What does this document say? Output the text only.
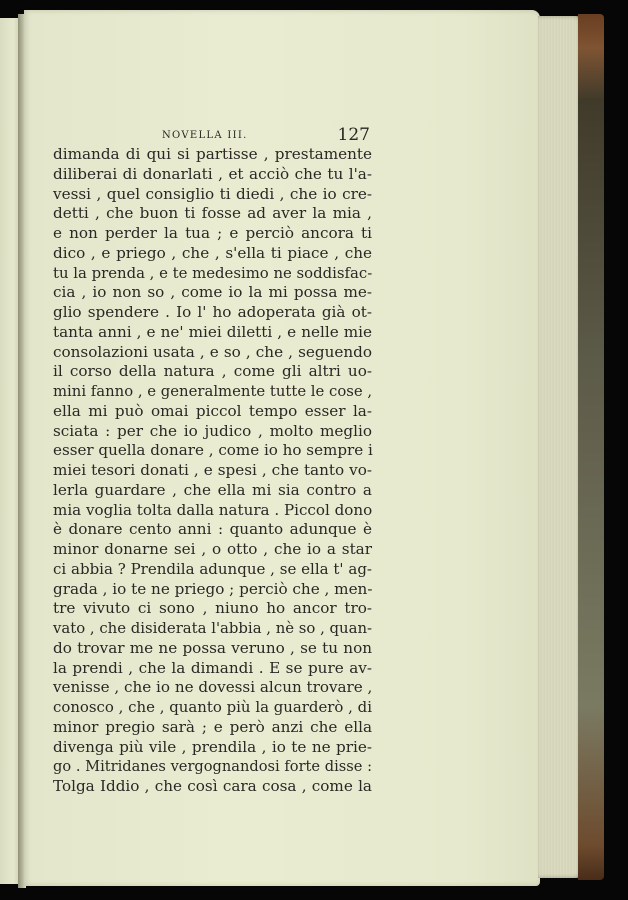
NOVELLA III.	127
dimanda di qui si partisse , prestamente
diliberai di donarlati , et acciò che tu l'a-
vessi , quel consiglio ti diedi , che io cre-
detti , che buon ti fosse ad aver la mia ,
e non perder la tua ; e perciò ancora ti
dico , e priego , che , s'ella ti piace , che
tu la prenda , e te medesimo ne soddisfac-
cia , io non so , come io la mi possa me-
glio spendere . Io l' ho adoperata già ot-
tanta anni , e ne' miei diletti , e nelle mie
consolazioni usata , e so , che , seguendo
il corso della natura , come gli altri uo-
mini fanno , e generalmente tutte le cose ,
ella mi può omai piccol tempo esser la-
sciata : per che io judico , molto meglio
esser quella donare , come io ho sempre i
miei tesori donati , e spesi , che tanto vo-
lerla guardare , che ella mi sia contro a
mia voglia tolta dalla natura . Piccol dono
è donare cento anni : quanto adunque è
minor donarne sei , o otto , che io a star
ci abbia ? Prendila adunque , se ella t' ag-
grada , io te ne priego ; perciò che , men-
tre vivuto ci sono , niuno ho ancor tro-
vato , che disiderata l'abbia , nè so , quan-
do trovar me ne possa veruno , se tu non
la prendi , che la dimandi . E se pure av-
venisse , che io ne dovessi alcun trovare ,
conosco , che , quanto più la guarderò , di
minor pregio sarà ; e però anzi che ella
divenga più vile , prendila , io te ne prie-
go . Mitridanes vergognandosi forte disse :
Tolga Iddio , che così cara cosa , come la
